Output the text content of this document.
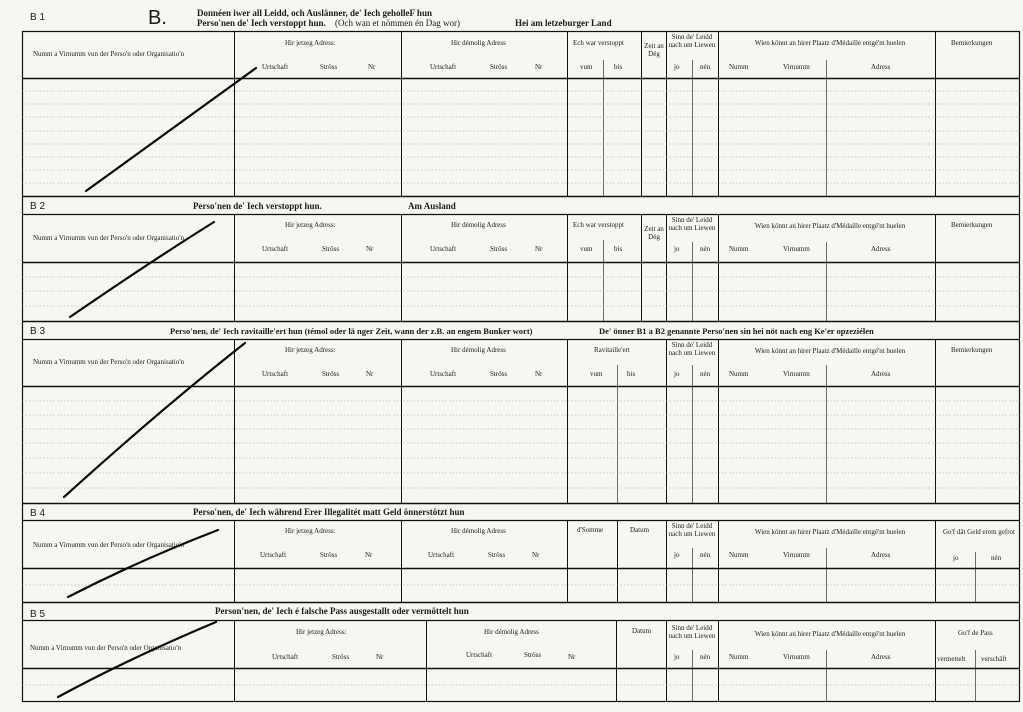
B 1	B.	Donnéen iwer all Leidd, och Auslänner, de' Iech geholleF hun
Perso'nen de' Iech verstoppt hun. (Och wan et nömmen én Dag wor)	Hei am letzeburger Land
Numm a Virnumm vun der Perso'n oder Organisatio'n
Hir jetzeg Adress:
Urtschaft	Ströss	Nr
Hir démolig Adress
Urtschaft	Ströss	Nr
Ech war verstoppt
vum	bis
Zeit an Dég
Sinn de' Leidd nach um Liewen
jo	nén
Wien könnt an hirer Plaatz d'Médaille entgé'nt huelen
Numm	Virnumm	Adress
Bemierkungen
B 2	Perso'nen de' Iech verstoppt hun.	Am Ausland
Numm a Virnumm vun der Perso'n oder Organisatio'n
Hir jetzeg Adress:
Urtschaft	Ströss	Nr
Hir démolig Adress
Urtschaft	Ströss	Nr
Ech war verstoppt
vum	bis
Zeit an Dég
Sinn de' Leidd nach um Liewen
jo	nén
Wien könnt an hirer Plaatz d'Médaille entgé'nt huelen
Numm	Virnumm	Adress
Bemierkungen
B 3	Perso'nen, de' Iech ravitaille'ert hun (témol oder lä nger Zeit, wann der z.B. an engem Bunker wort)	De' önner B1 a B2 genannte Perso'nen sin hei nöt nach eng Ke'er opzeziélen
Numm a Virnumm vun der Perso'n oder Organisatio'n
Hir jetzeg Adress:
Urtschaft	Ströss	Nr
Hir démolig Adress
Urtschaft	Ströss	Nr
Ravitaille'ert
vum	bis
Sinn de' Leidd nach um Liewen
jo	nén
Wien könnt an hirer Plaatz d'Médaille entgé'nt huelen
Numm	Virnumm	Adress
Bemierkungen
B 4	Perso'nen, de' Iech während Erer Illegalitét matt Geld önnerstötzt hun
Numm a Virnumm vun der Perso'n oder Organisatio'n
Hir jetzeg Adress:
Urtschaft	Ströss	Nr
Hir démolig Adress
Urtschaft	Ströss	Nr
d'Somme	Datum	Sinn de' Leidd nach um Liewen
jo	nén
Wien könnt an hirer Plaatz d'Médaille entgé'nt huelen
Numm	Virnumm	Adress
Go'f dât Geld erem gefrot
jo	nén
B 5	Person'nen, de' Iech é falsche Pass ausgestallt oder vermöttelt hun
Numm a Virnumm vun der Perso'n oder Organisatio'n
Hir jetzeg Adress:
Urtschaft	Ströss	Nr
Hir démolig Adress
Urtschaft	Ströss	Nr
Datum	Sinn de' Leidd nach um Liewen
jo	nén
Wien könnt an hirer Plaatz d'Médaille entgé'nt huelen
Numm	Virnumm	Adress
Go'f de Pass
vermettelt verschäft
